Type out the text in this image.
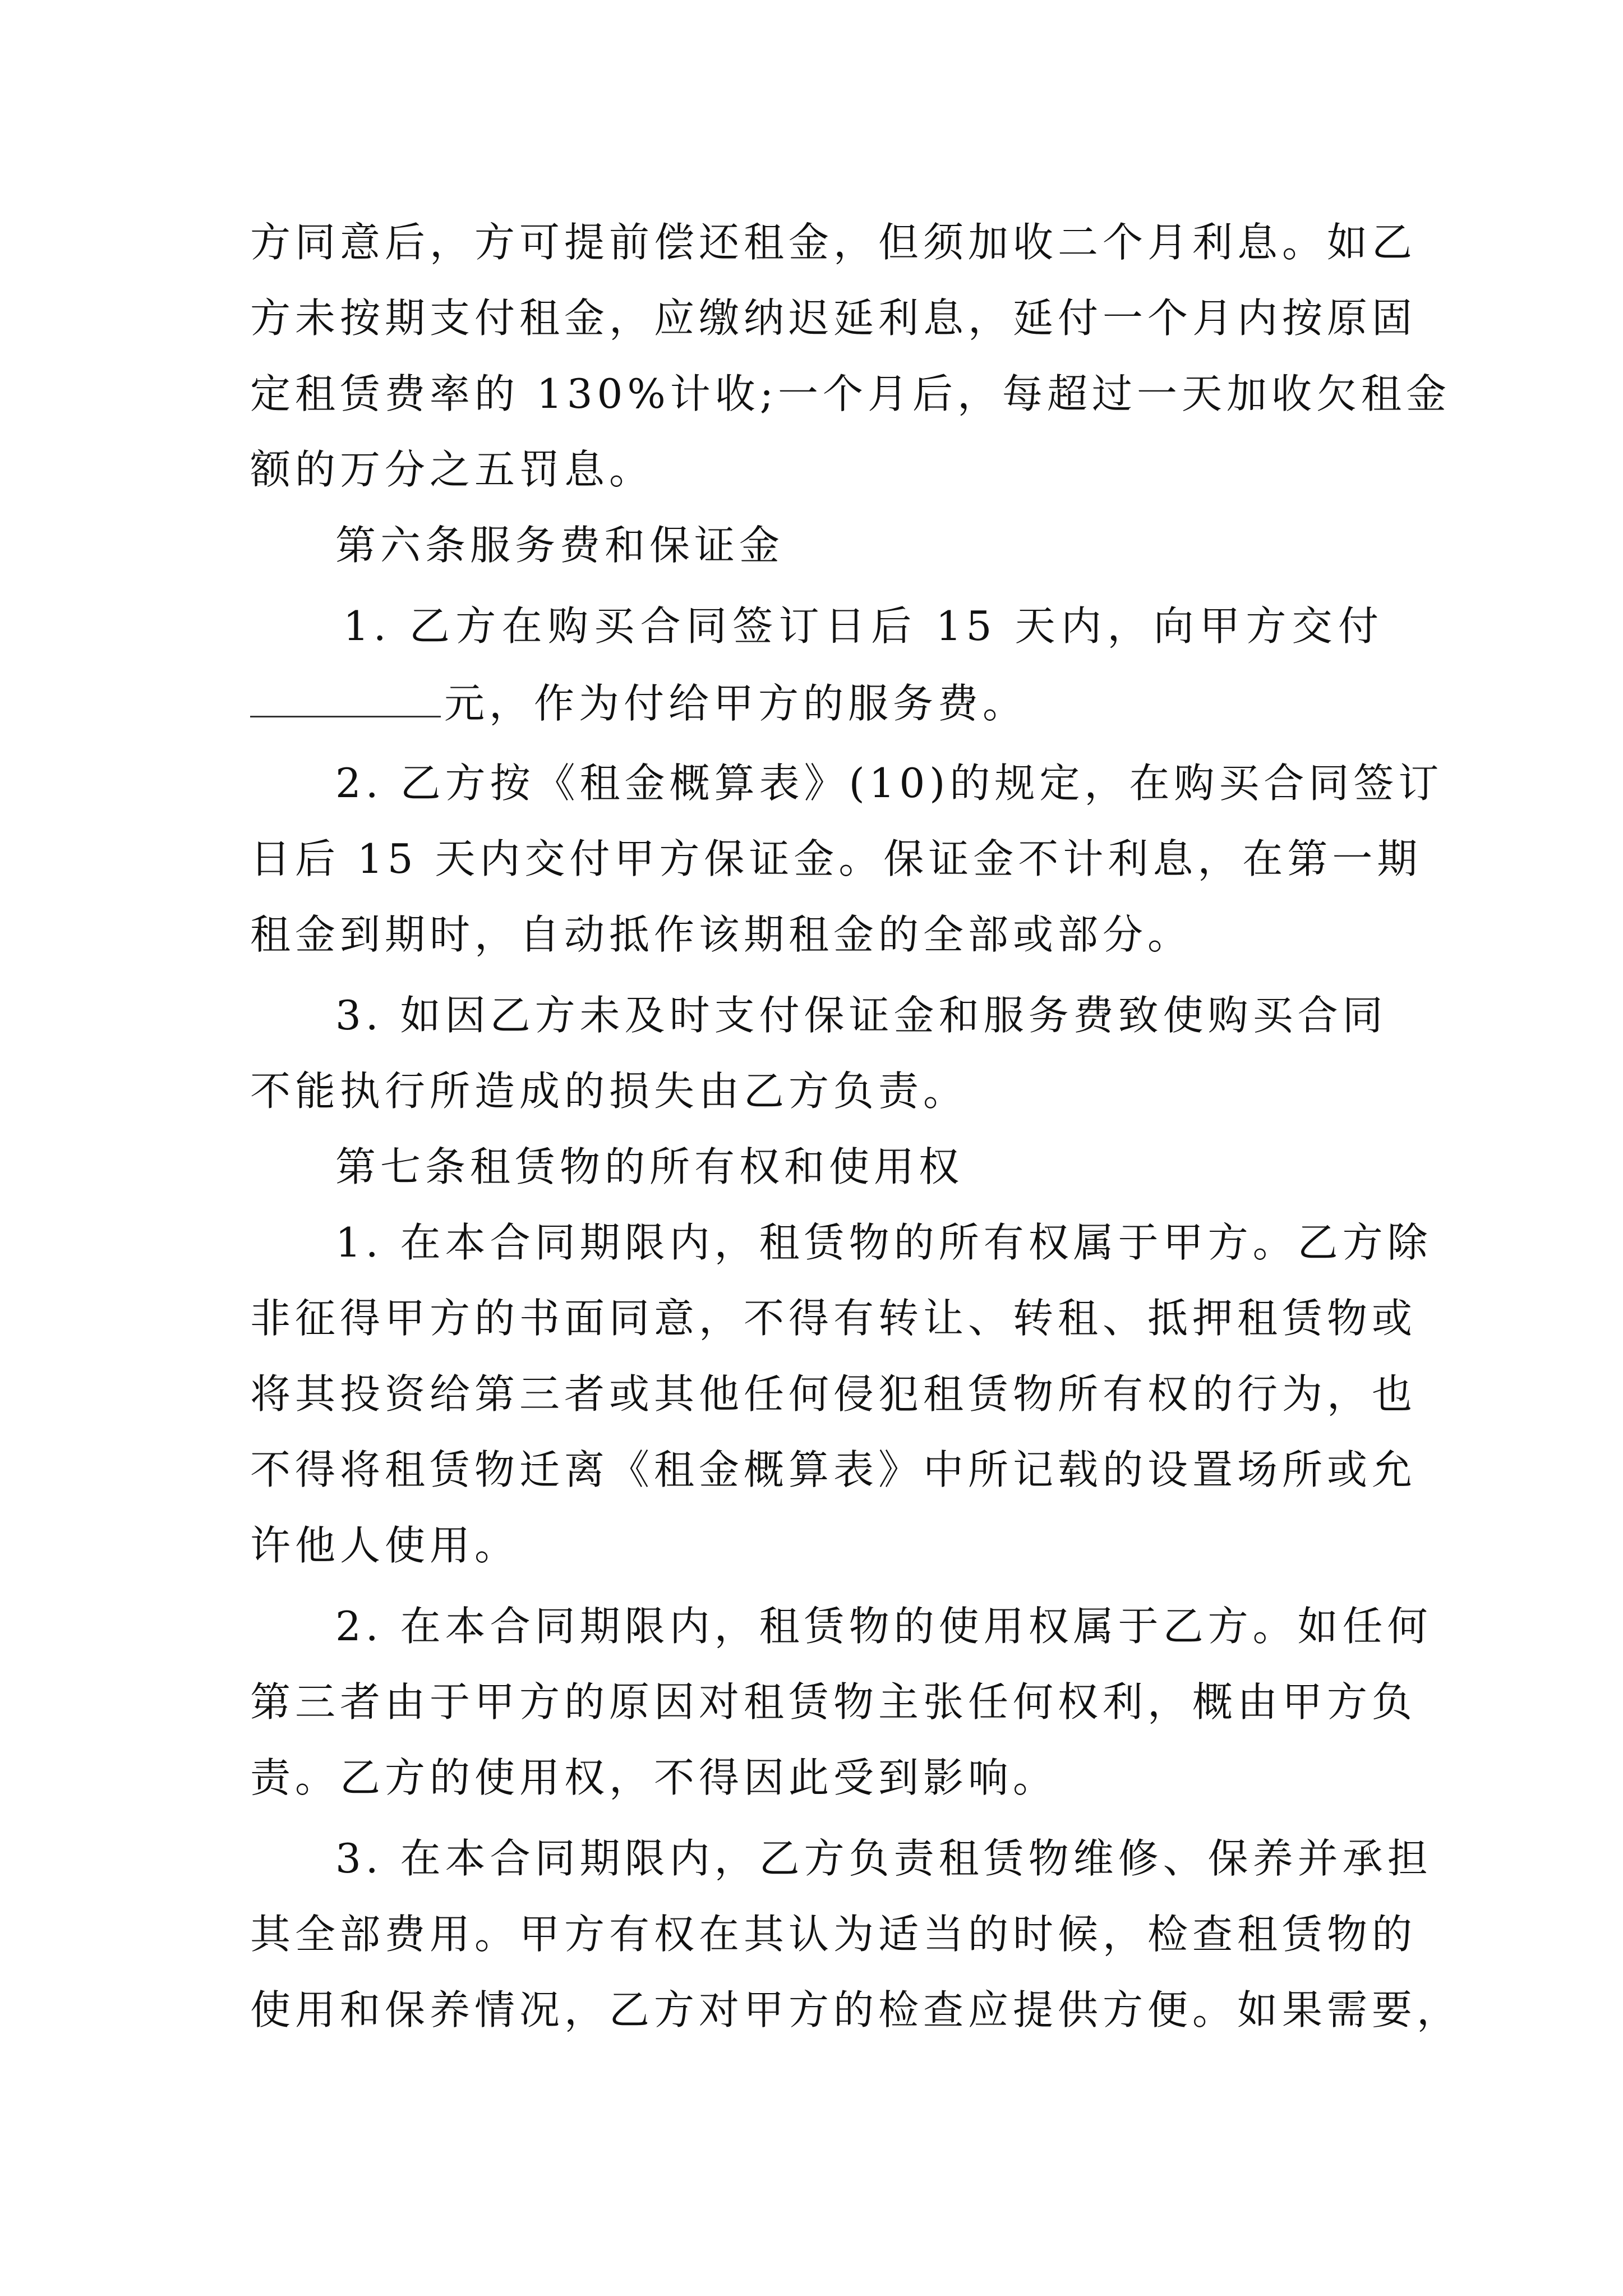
方同意后，方可提前偿还租金，但须加收二个月利息。如乙
方未按期支付租金，应缴纳迟延利息，延付一个月内按原固
定租赁费率的 130%计收;一个月后，每超过一天加收欠租金
额的万分之五罚息。
第六条服务费和保证金
1. 乙方在购买合同签订日后 15 天内，向甲方交付
元，作为付给甲方的服务费。
2. 乙方按《租金概算表》(10)的规定，在购买合同签订
日后 15 天内交付甲方保证金。保证金不计利息，在第一期
租金到期时，自动抵作该期租金的全部或部分。
3. 如因乙方未及时支付保证金和服务费致使购买合同
不能执行所造成的损失由乙方负责。
第七条租赁物的所有权和使用权
1. 在本合同期限内，租赁物的所有权属于甲方。乙方除
非征得甲方的书面同意，不得有转让、转租、抵押租赁物或
将其投资给第三者或其他任何侵犯租赁物所有权的行为，也
不得将租赁物迁离《租金概算表》中所记载的设置场所或允
许他人使用。
2. 在本合同期限内，租赁物的使用权属于乙方。如任何
第三者由于甲方的原因对租赁物主张任何权利，概由甲方负
责。乙方的使用权，不得因此受到影响。
3. 在本合同期限内，乙方负责租赁物维修、保养并承担
其全部费用。甲方有权在其认为适当的时候，检查租赁物的
使用和保养情况，乙方对甲方的检查应提供方便。如果需要，
